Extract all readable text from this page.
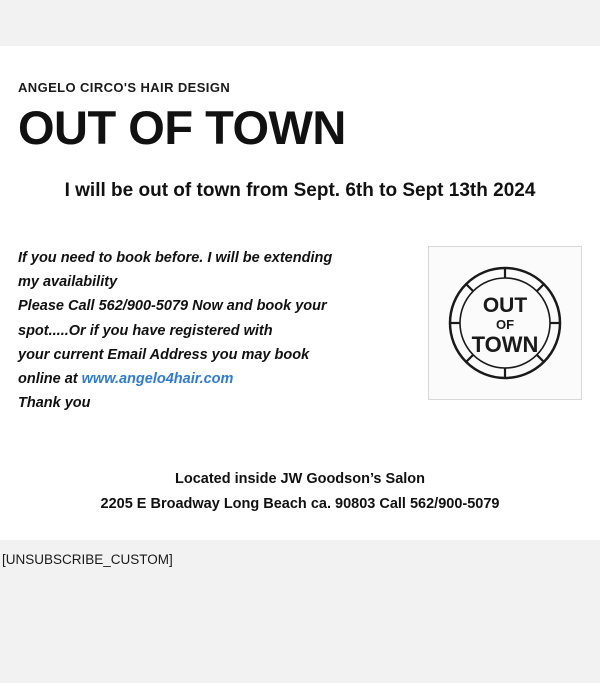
ANGELO CIRCO'S HAIR DESIGN
OUT OF TOWN
I will be out of town from Sept. 6th to Sept 13th 2024
If you need to book before. I will be extending
my availability
Please Call 562/900-5079 Now and book your
spot.....Or if you have registered with
your current Email Address you may book
online at www.angelo4hair.com
Thank you
OUT
OF
TOWN
Located inside JW Goodson’s Salon
2205 E Broadway Long Beach ca. 90803 Call 562/900-5079
[UNSUBSCRIBE_CUSTOM]
